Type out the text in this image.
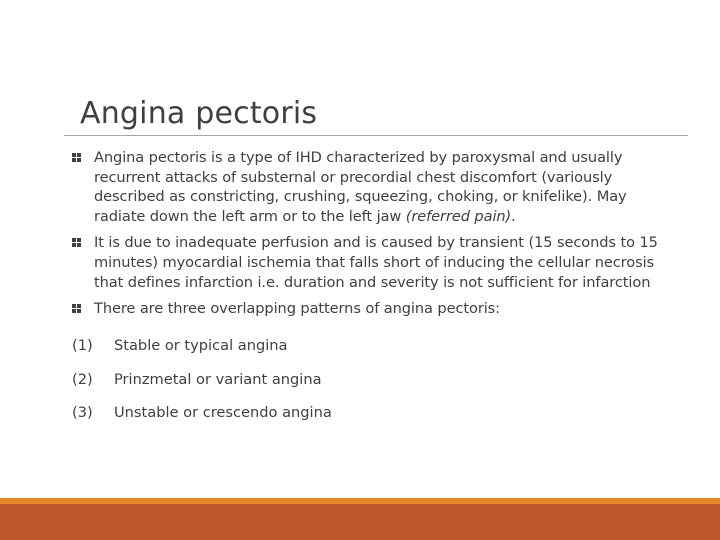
Angina pectoris
Angina pectoris is a type of IHD characterized by paroxysmal and usually recurrent attacks of substernal or precordial chest discomfort (variously described as constricting, crushing, squeezing, choking, or knifelike). May radiate down the left arm or to the left jaw (referred pain).
It is due to inadequate perfusion and is caused by transient (15 seconds to 15 minutes) myocardial ischemia that falls short of inducing the cellular necrosis that defines infarction i.e. duration and severity is not sufficient for infarction
There are three overlapping patterns of angina pectoris:
(1)	Stable or typical angina
(2)	Prinzmetal or variant angina
(3)	Unstable or crescendo angina
